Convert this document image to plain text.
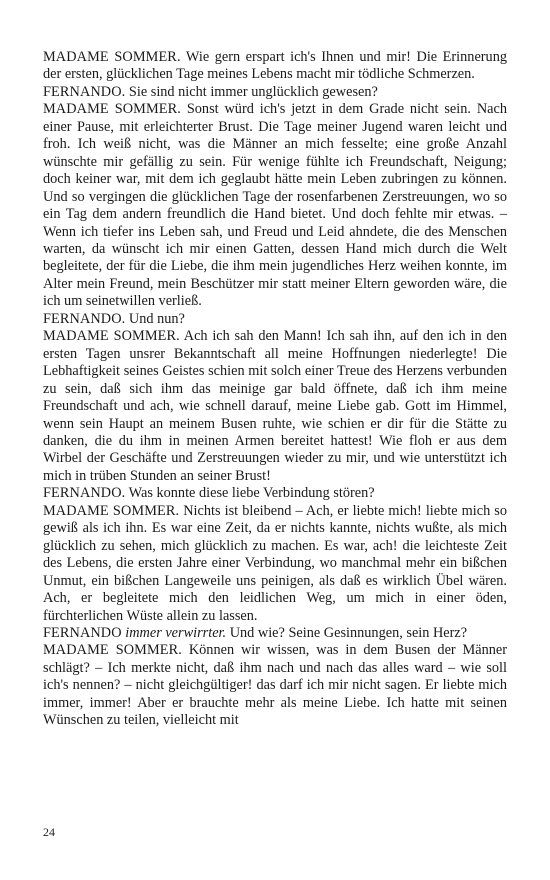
MADAME SOMMER. Wie gern erspart ich's Ihnen und mir! Die Erinnerung der ersten, glücklichen Tage meines Lebens macht mir tödliche Schmerzen.

FERNANDO. Sie sind nicht immer unglücklich gewesen?

MADAME SOMMER. Sonst würd ich's jetzt in dem Grade nicht sein. Nach einer Pause, mit erleichterter Brust. Die Tage meiner Jugend waren leicht und froh. Ich weiß nicht, was die Männer an mich fesselte; eine große Anzahl wünschte mir gefällig zu sein. Für wenige fühlte ich Freundschaft, Neigung; doch keiner war, mit dem ich geglaubt hätte mein Leben zubringen zu können. Und so vergingen die glücklichen Tage der rosenfarbenen Zerstreuungen, wo so ein Tag dem andern freundlich die Hand bietet. Und doch fehlte mir etwas. – Wenn ich tiefer ins Leben sah, und Freud und Leid ahndete, die des Menschen warten, da wünscht ich mir einen Gatten, dessen Hand mich durch die Welt begleitete, der für die Liebe, die ihm mein jugendliches Herz weihen konnte, im Alter mein Freund, mein Beschützer mir statt meiner Eltern geworden wäre, die ich um seinetwillen verließ.

FERNANDO. Und nun?

MADAME SOMMER. Ach ich sah den Mann! Ich sah ihn, auf den ich in den ersten Tagen unsrer Bekanntschaft all meine Hoffnungen niederlegte! Die Lebhaftigkeit seines Geistes schien mit solch einer Treue des Herzens verbunden zu sein, daß sich ihm das meinige gar bald öffnete, daß ich ihm meine Freundschaft und ach, wie schnell darauf, meine Liebe gab. Gott im Himmel, wenn sein Haupt an meinem Busen ruhte, wie schien er dir für die Stätte zu danken, die du ihm in meinen Armen bereitet hattest! Wie floh er aus dem Wirbel der Geschäfte und Zerstreuungen wieder zu mir, und wie unterstützt ich mich in trüben Stunden an seiner Brust!

FERNANDO. Was konnte diese liebe Verbindung stören?

MADAME SOMMER. Nichts ist bleibend – Ach, er liebte mich! liebte mich so gewiß als ich ihn. Es war eine Zeit, da er nichts kannte, nichts wußte, als mich glücklich zu sehen, mich glücklich zu machen. Es war, ach! die leichteste Zeit des Lebens, die ersten Jahre einer Verbindung, wo manchmal mehr ein bißchen Unmut, ein bißchen Langeweile uns peinigen, als daß es wirklich Übel wären. Ach, er begleitete mich den leidlichen Weg, um mich in einer öden, fürchterlichen Wüste allein zu lassen.

FERNANDO immer verwirrter. Und wie? Seine Gesinnungen, sein Herz?

MADAME SOMMER. Können wir wissen, was in dem Busen der Männer schlägt? – Ich merkte nicht, daß ihm nach und nach das alles ward – wie soll ich's nennen? – nicht gleichgültiger! das darf ich mir nicht sagen. Er liebte mich immer, immer! Aber er brauchte mehr als meine Liebe. Ich hatte mit seinen Wünschen zu teilen, vielleicht mit

24
